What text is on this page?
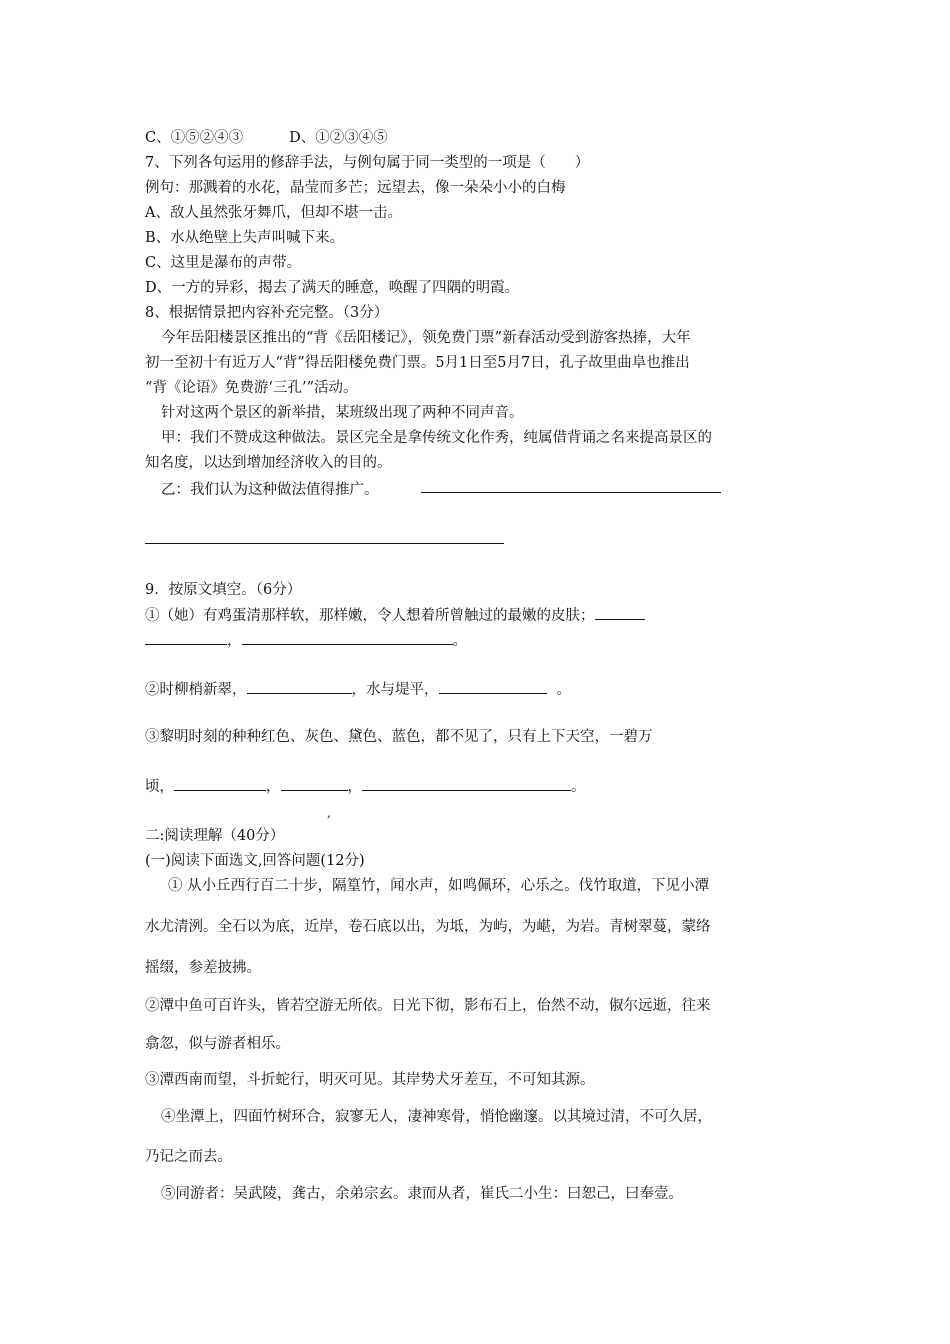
C、①⑤②④③	D、①②③④⑤
7、下列各句运用的修辞手法，与例句属于同一类型的一项是（　　）
例句：那溅着的水花，晶莹而多芒；远望去，像一朵朵小小的白梅
A、敌人虽然张牙舞爪，但却不堪一击。
B、水从绝壁上失声叫喊下来。
C、这里是瀑布的声带。
D、一方的异彩，揭去了满天的睡意，唤醒了四隅的明霞。
8、根据情景把内容补充完整。（3分）
今年岳阳楼景区推出的“背《岳阳楼记》，领免费门票”新春活动受到游客热捧，大年
初一至初十有近万人“背”得岳阳楼免费门票。5月1日至5月7日，孔子故里曲阜也推出
“背《论语》免费游‘三孔’”活动。
针对这两个景区的新举措，某班级出现了两种不同声音。
甲：我们不赞成这种做法。景区完全是拿传统文化作秀，纯属借背诵之名来提高景区的
知名度，以达到增加经济收入的目的。
乙：我们认为这种做法值得推广。
9．按原文填空。（6分）
①（她）有鸡蛋清那样软，那样嫩，令人想着所曾触过的最嫩的皮肤；
，	。
②时柳梢新翠，	，水与堤平，	。
③黎明时刻的种种红色、灰色、黛色、蓝色，都不见了，只有上下天空，一碧万
顷，	，	，	。
,
二:阅读理解（40分）
(一)阅读下面选文,回答问题(12分)
① 从小丘西行百二十步，隔篁竹，闻水声，如鸣佩环，心乐之。伐竹取道，下见小潭
水尤清洌。全石以为底，近岸，卷石底以出，为坻，为屿，为嵁，为岩。青树翠蔓，蒙络
摇缀，参差披拂。
②潭中鱼可百许头，皆若空游无所依。日光下彻，影布石上，佁然不动，俶尔远逝，往来
翕忽，似与游者相乐。
③潭西南而望，斗折蛇行，明灭可见。其岸势犬牙差互，不可知其源。
④坐潭上，四面竹树环合，寂寥无人，凄神寒骨，悄怆幽邃。以其境过清，不可久居，
乃记之而去。
⑤同游者：吴武陵，龚古，余弟宗玄。隶而从者，崔氏二小生：曰恕己，曰奉壹。
